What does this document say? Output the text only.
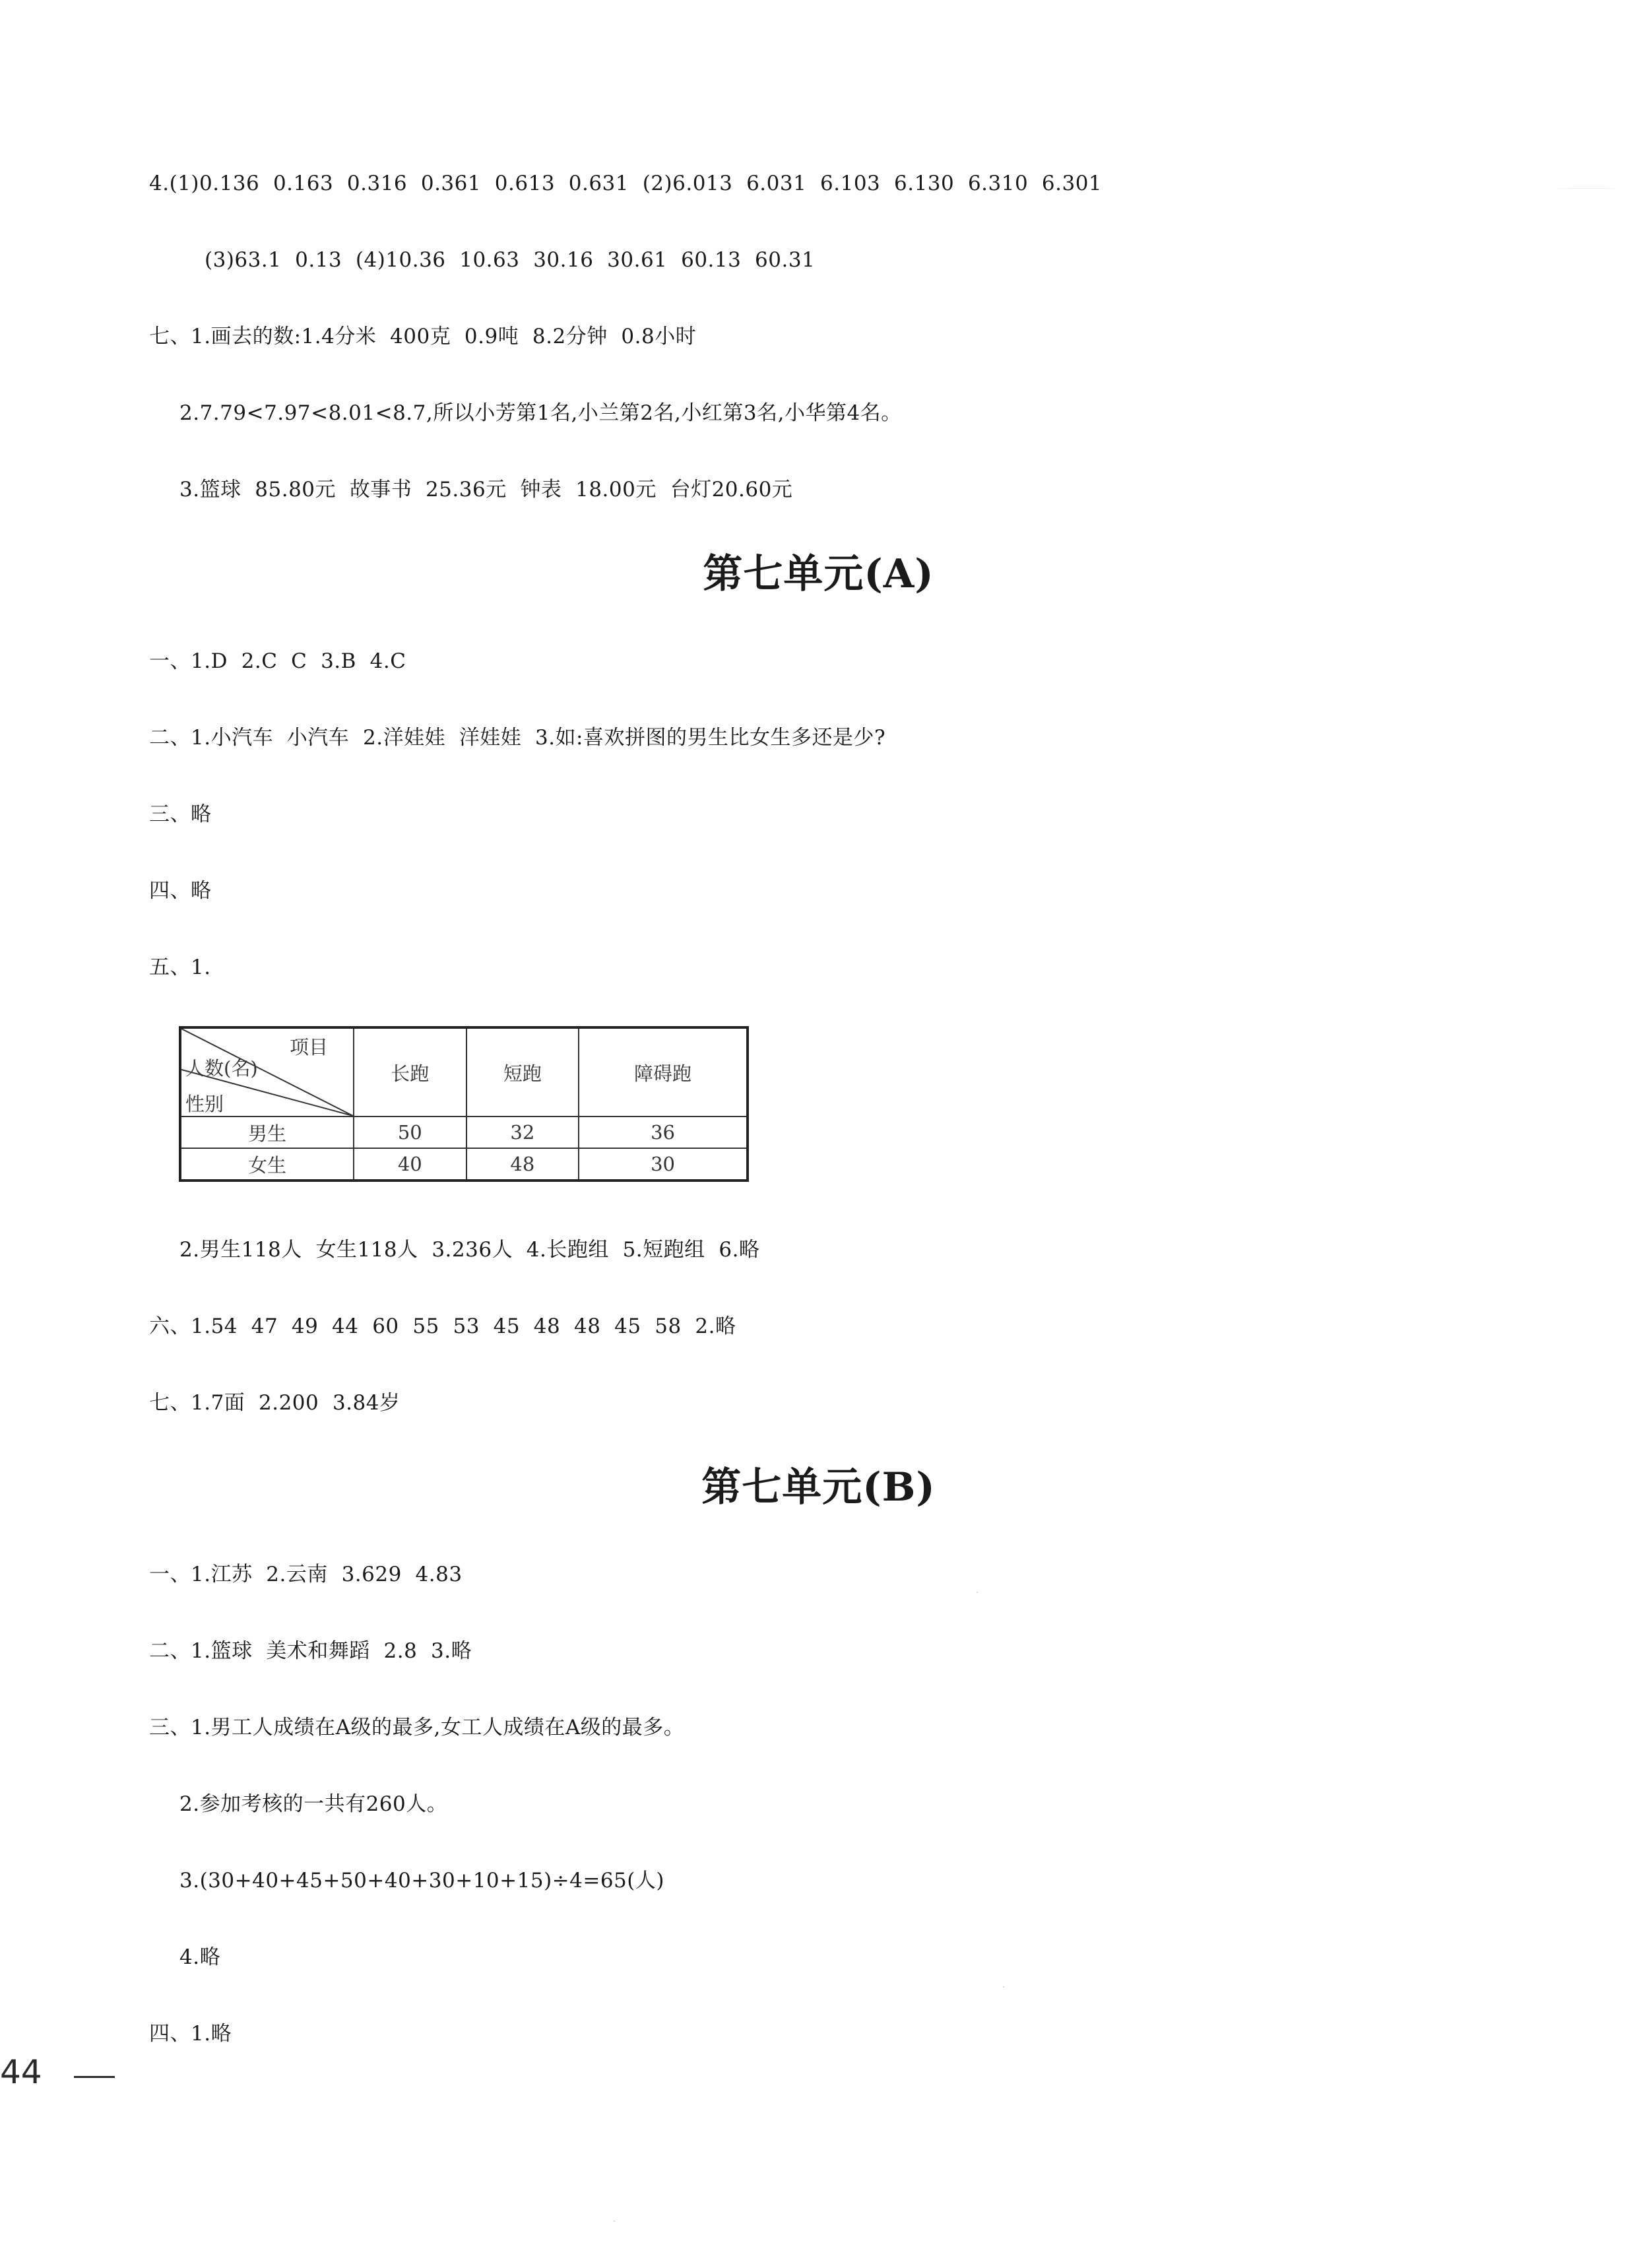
4.(1)0.136  0.163  0.316  0.361  0.613  0.631  (2)6.013  6.031  6.103  6.130  6.310  6.301
(3)63.1  0.13  (4)10.36  10.63  30.16  30.61  60.13  60.31
七、1.画去的数:1.4分米  400克  0.9吨  8.2分钟  0.8小时
2.7.79<7.97<8.01<8.7,所以小芳第1名,小兰第2名,小红第3名,小华第4名。
3.篮球  85.80元  故事书  25.36元  钟表  18.00元  台灯20.60元
第七单元(A)
一、1.D  2.C  C  3.B  4.C
二、1.小汽车  小汽车  2.洋娃娃  洋娃娃  3.如:喜欢拼图的男生比女生多还是少?
三、略
四、略
五、1.
项目
人数(名)
性别	长跑	短跑	障碍跑
男生	50	32	36
女生	40	48	30
2.男生118人  女生118人  3.236人  4.长跑组  5.短跑组  6.略
六、1.54  47  49  44  60  55  53  45  48  48  45  58  2.略
七、1.7面  2.200  3.84岁
第七单元(B)
一、1.江苏  2.云南  3.629  4.83
二、1.篮球  美术和舞蹈  2.8  3.略
三、1.男工人成绩在A级的最多,女工人成绩在A级的最多。
2.参加考核的一共有260人。
3.(30+40+45+50+40+30+10+15)÷4=65(人)
4.略
四、1.略
44
